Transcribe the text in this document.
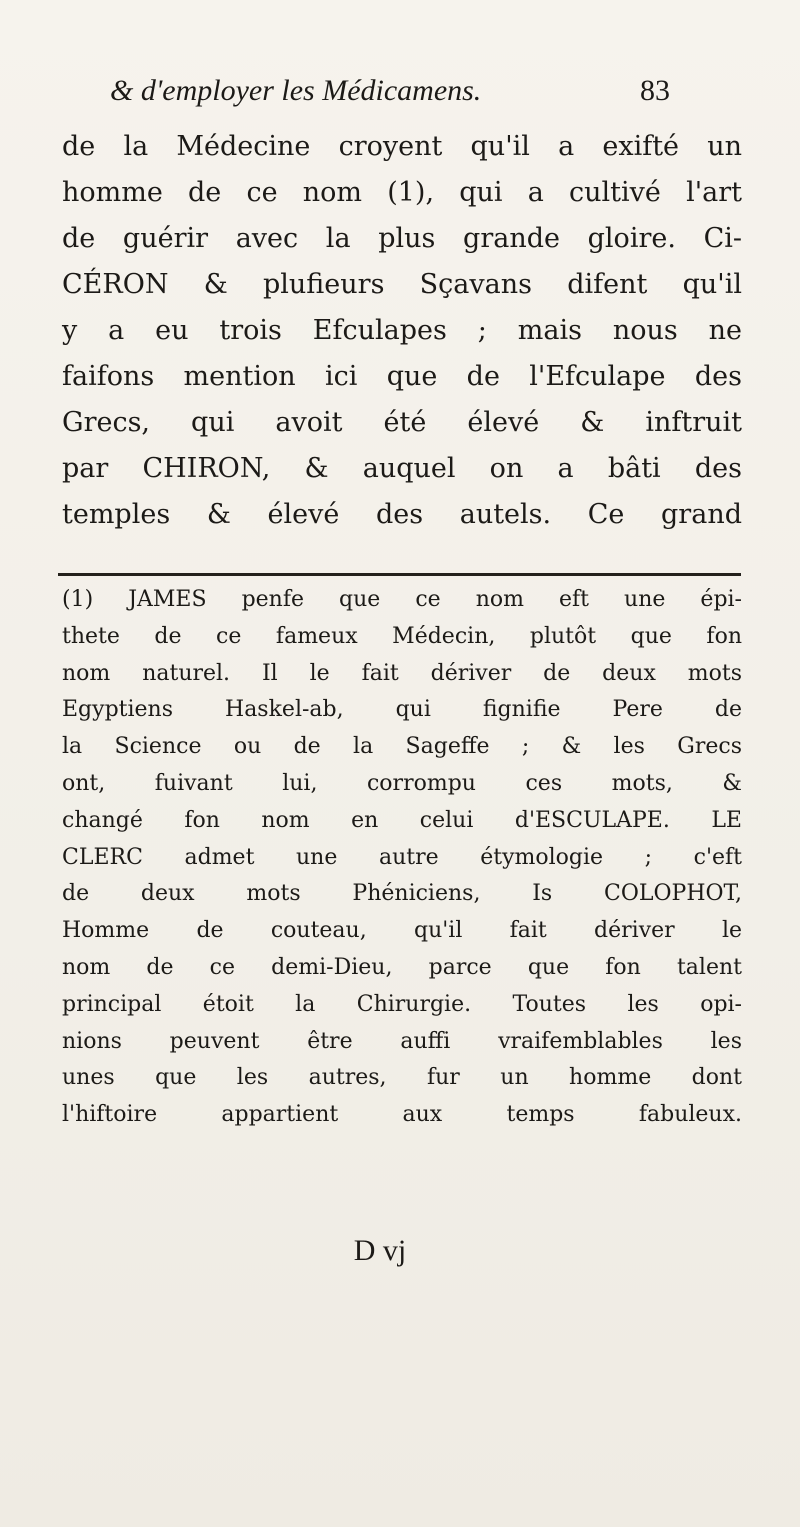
& d'employer les Médicamens.	83
de la Médecine croyent qu'il a exifté un
homme de ce nom (1), qui a cultivé l'art
de guérir avec la plus grande gloire. Ci-
CÉRON & plufieurs Sçavans difent qu'il
y a eu trois Efculapes ; mais nous ne
faifons mention ici que de l'Efculape des
Grecs, qui avoit été élevé & inftruit
par CHIRON, & auquel on a bâti des
temples & élevé des autels. Ce grand
(1) JAMES penfe que ce nom eft une épi-
thete de ce fameux Médecin, plutôt que fon
nom naturel. Il le fait dériver de deux mots
Egyptiens Haskel-ab, qui fignifie Pere de
la Science ou de la Sageffe ; & les Grecs
ont, fuivant lui, corrompu ces mots, &
changé fon nom en celui d'ESCULAPE. LE
CLERC admet une autre étymologie ; c'eft
de deux mots Phéniciens, Is COLOPHOT,
Homme de couteau, qu'il fait dériver le
nom de ce demi-Dieu, parce que fon talent
principal étoit la Chirurgie. Toutes les opi-
nions peuvent être auffi vraifemblables les
unes que les autres, fur un homme dont
l'hiftoire appartient aux temps fabuleux.
D vj
